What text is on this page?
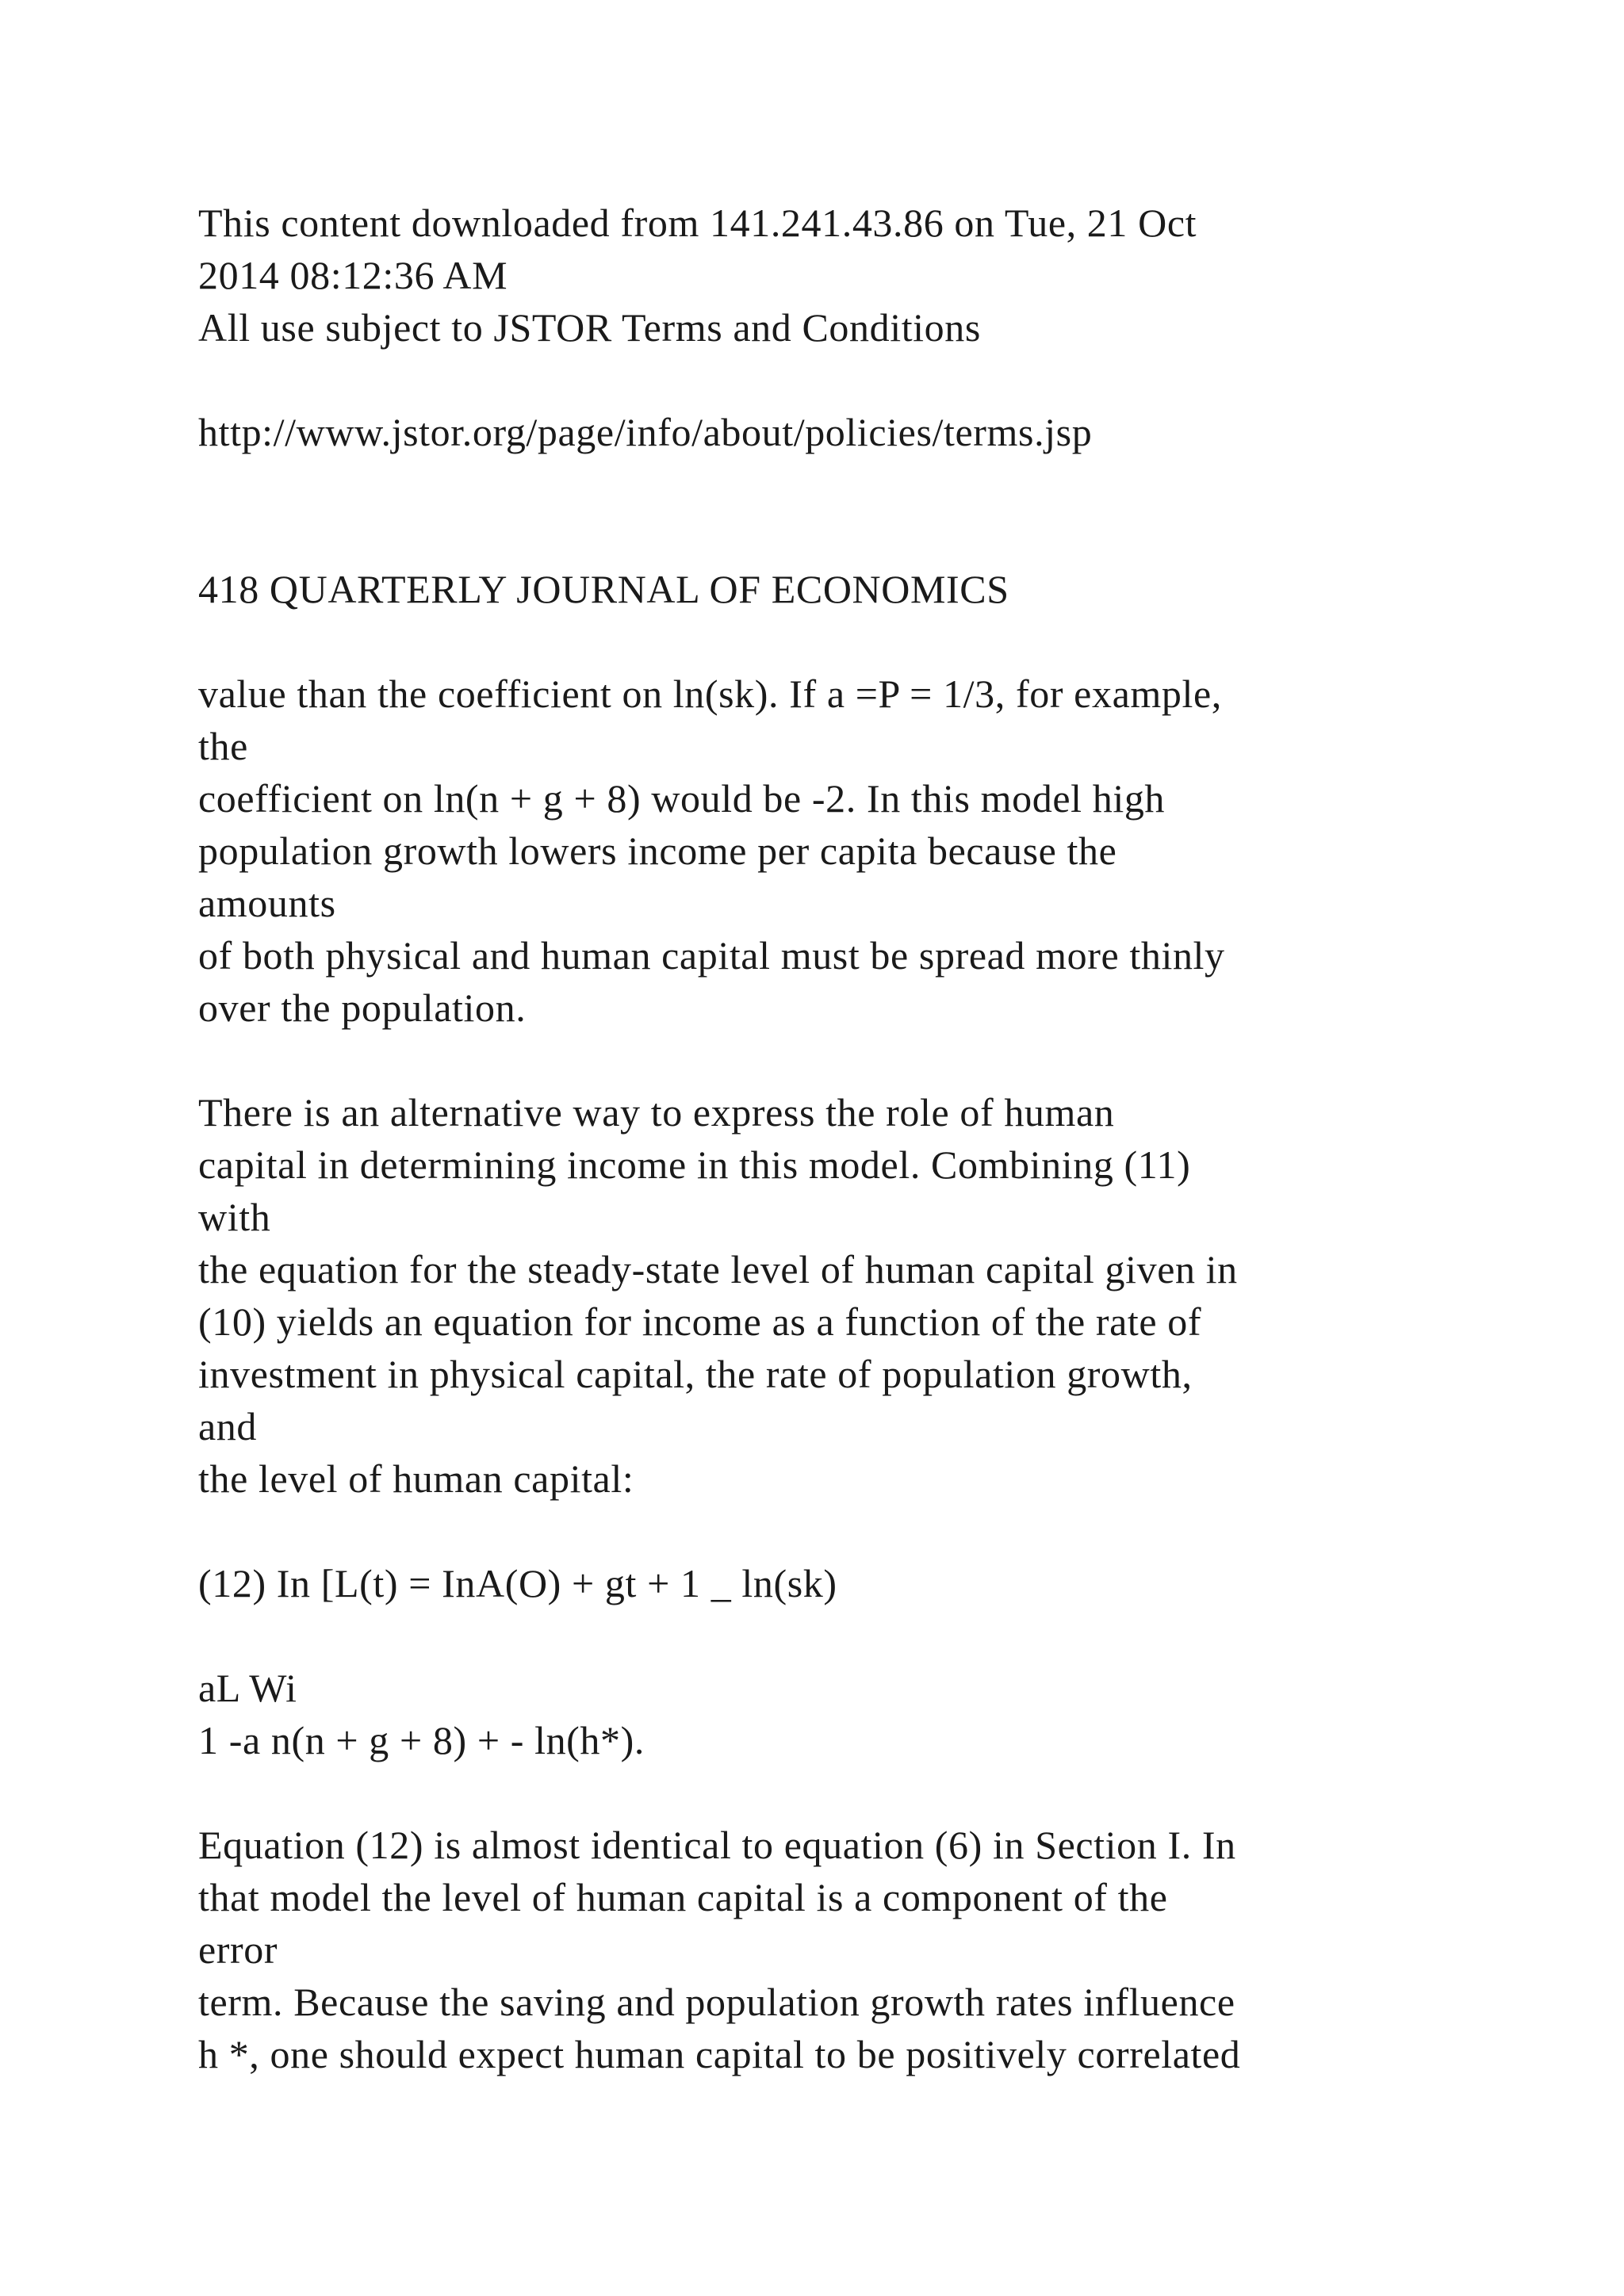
This content downloaded from 141.241.43.86 on Tue, 21 Oct
2014 08:12:36 AM
All use subject to JSTOR Terms and Conditions
http://www.jstor.org/page/info/about/policies/terms.jsp
418 QUARTERLY JOURNAL OF ECONOMICS
value than the coefficient on ln(sk). If a =P = 1/3, for example,
the
coefficient on ln(n + g + 8) would be -2. In this model high
population growth lowers income per capita because the
amounts
of both physical and human capital must be spread more thinly
over the population.
There is an alternative way to express the role of human
capital in determining income in this model. Combining (11)
with
the equation for the steady-state level of human capital given in
(10) yields an equation for income as a function of the rate of
investment in physical capital, the rate of population growth,
and
the level of human capital:
(12) In [L(t) = InA(O) + gt + 1 _ ln(sk)
aL Wi
1 -a n(n + g + 8) + - ln(h*).
Equation (12) is almost identical to equation (6) in Section I. In
that model the level of human capital is a component of the
error
term. Because the saving and population growth rates influence
h *, one should expect human capital to be positively correlated
